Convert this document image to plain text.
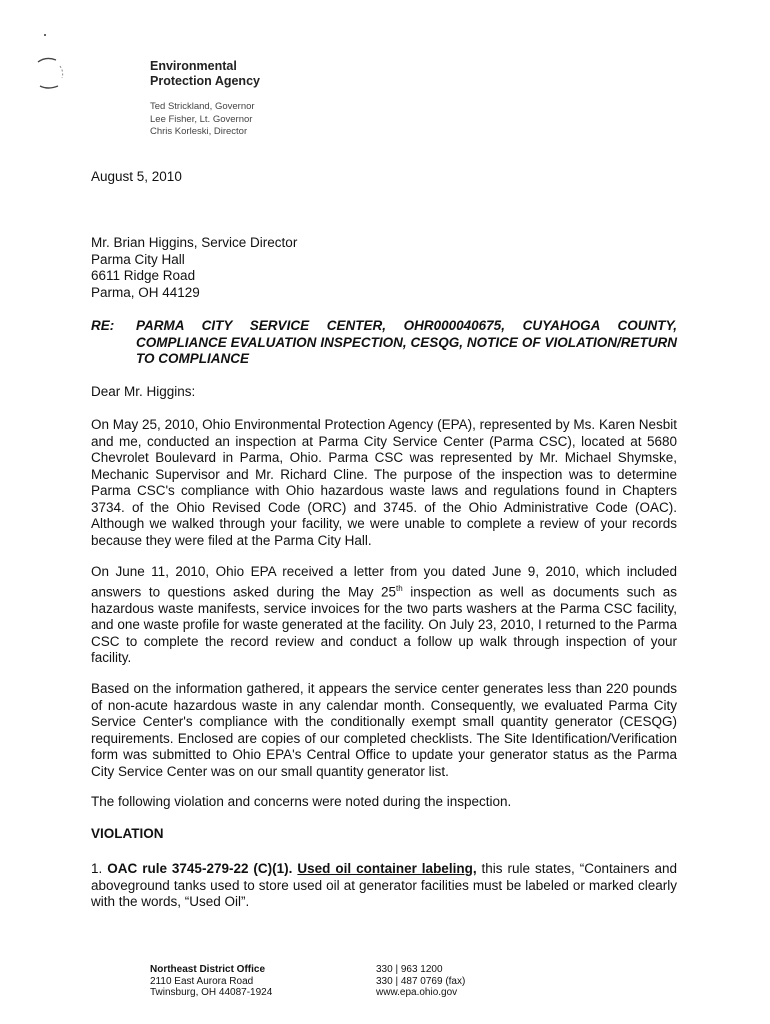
Environmental
Protection Agency
Ted Strickland, Governor
Lee Fisher, Lt. Governor
Chris Korleski, Director
August 5, 2010
Mr. Brian Higgins, Service Director
Parma City Hall
6611 Ridge Road
Parma, OH 44129
RE: PARMA CITY SERVICE CENTER, OHR000040675, CUYAHOGA COUNTY, COMPLIANCE EVALUATION INSPECTION, CESQG, NOTICE OF VIOLATION/RETURN TO COMPLIANCE
Dear Mr. Higgins:
On May 25, 2010, Ohio Environmental Protection Agency (EPA), represented by Ms. Karen Nesbit and me, conducted an inspection at Parma City Service Center (Parma CSC), located at 5680 Chevrolet Boulevard in Parma, Ohio. Parma CSC was represented by Mr. Michael Shymske, Mechanic Supervisor and Mr. Richard Cline. The purpose of the inspection was to determine Parma CSC's compliance with Ohio hazardous waste laws and regulations found in Chapters 3734. of the Ohio Revised Code (ORC) and 3745. of the Ohio Administrative Code (OAC). Although we walked through your facility, we were unable to complete a review of your records because they were filed at the Parma City Hall.
On June 11, 2010, Ohio EPA received a letter from you dated June 9, 2010, which included answers to questions asked during the May 25th inspection as well as documents such as hazardous waste manifests, service invoices for the two parts washers at the Parma CSC facility, and one waste profile for waste generated at the facility. On July 23, 2010, I returned to the Parma CSC to complete the record review and conduct a follow up walk through inspection of your facility.
Based on the information gathered, it appears the service center generates less than 220 pounds of non-acute hazardous waste in any calendar month. Consequently, we evaluated Parma City Service Center's compliance with the conditionally exempt small quantity generator (CESQG) requirements. Enclosed are copies of our completed checklists. The Site Identification/Verification form was submitted to Ohio EPA's Central Office to update your generator status as the Parma City Service Center was on our small quantity generator list.
The following violation and concerns were noted during the inspection.
VIOLATION
1. OAC rule 3745-279-22 (C)(1). Used oil container labeling, this rule states, “Containers and aboveground tanks used to store used oil at generator facilities must be labeled or marked clearly with the words, “Used Oil”.
Northeast District Office
2110 East Aurora Road
Twinsburg, OH 44087-1924
330 | 963 1200
330 | 487 0769 (fax)
www.epa.ohio.gov
